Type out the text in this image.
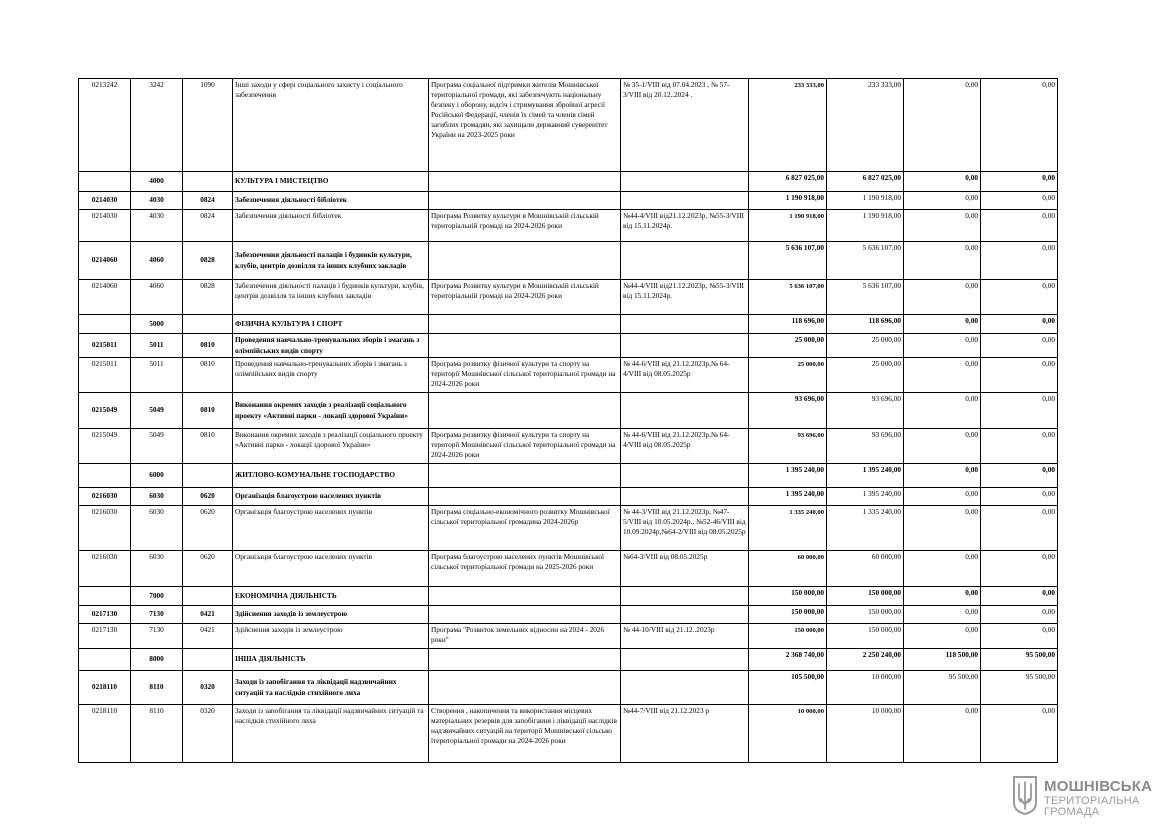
0213242	3242	1090	Інші заходи у сфері соціального захисту і соціального забезпечення	Програма соціальної підтримки жителів Мошнівської територіальної громади, які забезпечують національну безпеку і оборону, відсіч і стримування збройної агресії Російської Федерації, членів їх сімей та членів сімей загиблих громадян, які захищали державний суверенітет України на 2023-2025 роки	№ 35-1/VIII від 07.04.2023 , № 57-3/VIII від 20.12..2024 .	233 333,00	233 333,00	0,00	0,00
	4000		КУЛЬТУРА І МИСТЕЦТВО			6 827 025,00	6 827 025,00	0,00	0,00
0214030	4030	0824	Забезпечення діяльності бібліотек			1 190 918,00	1 190 918,00	0,00	0,00
0214030	4030	0824	Забезпечення діяльності бібліотек	Програма Розвитку культури в Мошнівській сільській територіальній громаді на 2024-2026 роки	№44-4/VIII від21.12.2023р, №55-3/VIII від 15.11.2024р.	1 190 918,00	1 190 918,00	0,00	0,00
0214060	4060	0828	Забезпечення діяльності палаців і будинків культури, клубів, центрів дозвілля та інших клубних закладів			5 636 107,00	5 636 107,00	0,00	0,00
0214060	4060	0828	Забезпечення діяльності палаців і будинків культури, клубів, центрів дозвілля та інших клубних закладів	Програма Розвитку культури в Мошнівській сільській територіальній громаді на 2024-2026 роки	№44-4/VIII від21.12.2023р, №55-3/VIII від 15.11.2024р.	5 636 107,00	5 636 107,00	0,00	0,00
	5000		ФІЗИЧНА КУЛЬТУРА І СПОРТ			118 696,00	118 696,00	0,00	0,00
0215011	5011	0810	Проведення навчально-тренувальних зборів і змагань з олімпійських видів спорту			25 000,00	25 000,00	0,00	0,00
0215011	5011	0810	Проведення навчально-тренувальних зборів і змагань з олімпійських видів спорту	Програма розвитку фізичної культури та спорту на території Мошнівської сільської територіальної громади на 2024-2026 роки	№ 44-6/VIII від 21.12.2023р,№ 64-4/VIII від 08.05.2025р	25 000,00	25 000,00	0,00	0,00
0215049	5049	0810	Виконання окремих заходів з реалізації соціального проекту «Активні парки - локації здорової України»			93 696,00	93 696,00	0,00	0,00
0215049	5049	0810	Виконання окремих заходів з реалізації соціального проекту «Активні парки - локації здорової України»	Програма розвитку фізичної культури та спорту на території Мошнівської сільської територіальної громади на 2024-2026 роки	№ 44-6/VIII від 21.12.2023р,№ 64-4/VIII від 08.05.2025р	93 696,00	93 696,00	0,00	0,00
	6000		ЖИТЛОВО-КОМУНАЛЬНЕ ГОСПОДАРСТВО			1 395 240,00	1 395 240,00	0,00	0,00
0216030	6030	0620	Організація благоустрою населених пунктів			1 395 240,00	1 395 240,00	0,00	0,00
0216030	6030	0620	Організація благоустрою населених пунктів	Програма соціально-економічного розвитку Мошнівської сільської територіальної громадина 2024-2026р	№ 44-3/VIII від 21.12.2023р, №47-5/VIII від 10.05.2024р., №52-46/VIII від 10.09.2024р,№64-2/VIII від 08.05.2025р	1 335 240,00	1 335 240,00	0,00	0,00
0216030	6030	0620	Організація благоустрою населених пунктів	Програма благоустрою населених пунктів Мошнівської сільської територіальної громади на 2025-2026 роки	№64-3/VIII від 08.05.2025р	60 000,00	60 000,00	0,00	0,00
	7000		ЕКОНОМІЧНА ДІЯЛЬНІСТЬ			150 000,00	150 000,00	0,00	0,00
0217130	7130	0421	Здійснення заходів із землеустрою			150 000,00	150 000,00	0,00	0,00
0217130	7130	0421	Здійснення заходів із землеустрою	Програма "Розвиток земельних відносин на 2024 - 2026 роки"	№ 44-10/VIII від 21.12..2023р	150 000,00	150 000,00	0,00	0,00
	8000		ІНША ДІЯЛЬНІСТЬ			2 368 740,00	2 250 240,00	118 500,00	95 500,00
0218110	8110	0320	Заходи із запобігання та ліквідації надзвичайних ситуацій та наслідків стихійного лиха			105 500,00	10 000,00	95 500,00	95 500,00
0218110	8110	0320	Заходи із запобігання та ліквідації надзвичайних ситуацій та наслідків стихійного лиха	Створення , накопичення та використання місцевих матеріальних резервів для запобігання і ліквідації наслідків надзвичайних ситуацій на території Мошнівської сільсько їтериторіальної громади на 2024-2026 роки	№44-7/VIII від 21.12.2023 р	10 000,00	10 000,00	0,00	0,00
МОШНІВСЬКА
ТЕРИТОРІАЛЬНА
ГРОМАДА
